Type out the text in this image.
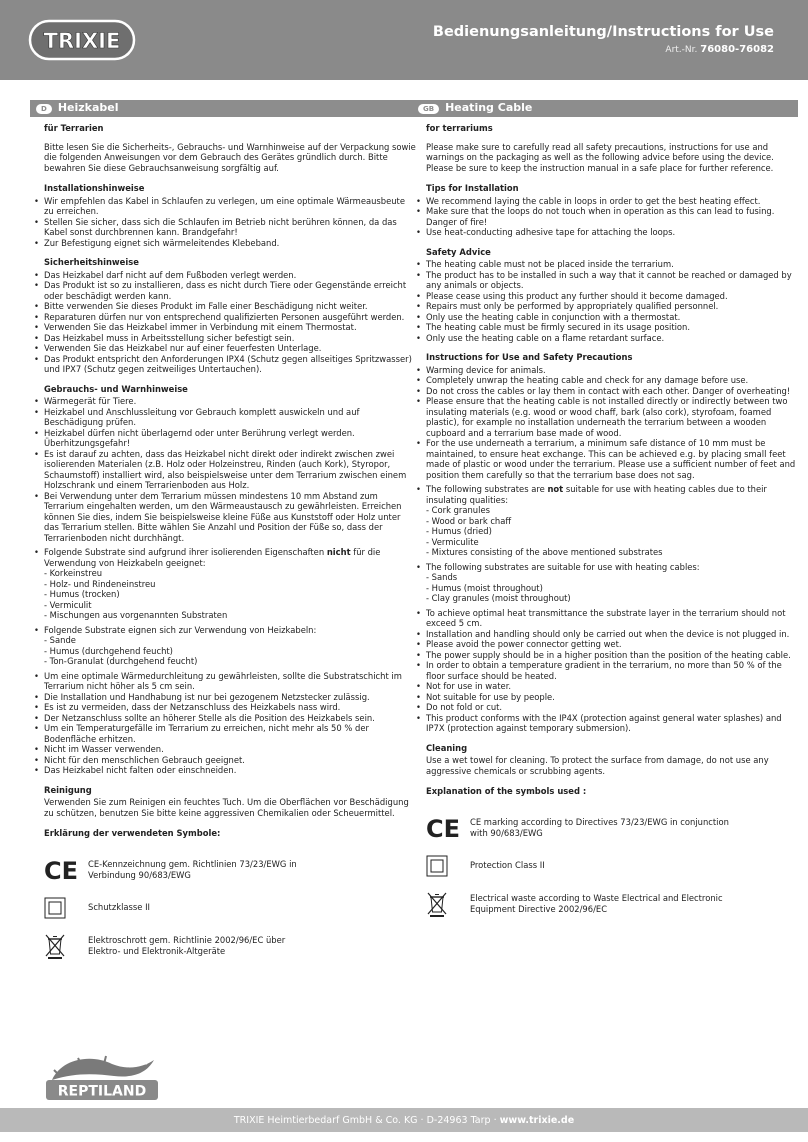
TRIXIE	Bedienungsanleitung/Instructions for Use
Art.-Nr. 76080-76082
D	Heizkabel
für Terrarien
Bitte lesen Sie die Sicherheits-, Gebrauchs- und Warnhinweise auf der Verpackung sowie die folgenden Anweisungen vor dem Gebrauch des Gerätes gründlich durch. Bitte bewahren Sie diese Gebrauchsanweisung sorgfältig auf.
Installationshinweise
• Wir empfehlen das Kabel in Schlaufen zu verlegen, um eine optimale Wärmeausbeute zu erreichen.
• Stellen Sie sicher, dass sich die Schlaufen im Betrieb nicht berühren können, da das Kabel sonst durchbrennen kann. Brandgefahr!
• Zur Befestigung eignet sich wärmeleitendes Klebeband.
Sicherheitshinweise
• Das Heizkabel darf nicht auf dem Fußboden verlegt werden.
• Das Produkt ist so zu installieren, dass es nicht durch Tiere oder Gegenstände erreicht oder beschädigt werden kann.
• Bitte verwenden Sie dieses Produkt im Falle einer Beschädigung nicht weiter.
• Reparaturen dürfen nur von entsprechend qualifizierten Personen ausgeführt werden.
• Verwenden Sie das Heizkabel immer in Verbindung mit einem Thermostat.
• Das Heizkabel muss in Arbeitsstellung sicher befestigt sein.
• Verwenden Sie das Heizkabel nur auf einer feuerfesten Unterlage.
• Das Produkt entspricht den Anforderungen IPX4 (Schutz gegen allseitiges Spritzwasser) und IPX7 (Schutz gegen zeitweiliges Untertauchen).
Gebrauchs- und Warnhinweise
• Wärmegerät für Tiere.
• Heizkabel und Anschlussleitung vor Gebrauch komplett auswickeln und auf Beschädigung prüfen.
• Heizkabel dürfen nicht überlagernd oder unter Berührung verlegt werden. Überhitzungsgefahr!
• Es ist darauf zu achten, dass das Heizkabel nicht direkt oder indirekt zwischen zwei isolierenden Materialen (z.B. Holz oder Holzeinstreu, Rinden (auch Kork), Styropor, Schaumstoff) installiert wird, also beispielsweise unter dem Terrarium zwischen einem Holzschrank und einem Terrarienboden aus Holz.
• Bei Verwendung unter dem Terrarium müssen mindestens 10 mm Abstand zum Terrarium eingehalten werden, um den Wärmeaustausch zu gewährleisten. Erreichen können Sie dies, indem Sie beispielsweise kleine Füße aus Kunststoff oder Holz unter das Terrarium stellen. Bitte wählen Sie Anzahl und Position der Füße so, dass der Terrarienboden nicht durchhängt.
• Folgende Substrate sind aufgrund ihrer isolierenden Eigenschaften nicht für die Verwendung von Heizkabeln geeignet:
- Korkeinstreu
- Holz- und Rindeneinstreu
- Humus (trocken)
- Vermiculit
- Mischungen aus vorgenannten Substraten
• Folgende Substrate eignen sich zur Verwendung von Heizkabeln:
- Sande
- Humus (durchgehend feucht)
- Ton-Granulat (durchgehend feucht)
• Um eine optimale Wärmedurchleitung zu gewährleisten, sollte die Substratschicht im Terrarium nicht höher als 5 cm sein.
• Die Installation und Handhabung ist nur bei gezogenem Netzstecker zulässig.
• Es ist zu vermeiden, dass der Netzanschluss des Heizkabels nass wird.
• Der Netzanschluss sollte an höherer Stelle als die Position des Heizkabels sein.
• Um ein Temperaturgefälle im Terrarium zu erreichen, nicht mehr als 50 % der Bodenfläche erhitzen.
• Nicht im Wasser verwenden.
• Nicht für den menschlichen Gebrauch geeignet.
• Das Heizkabel nicht falten oder einschneiden.
Reinigung
Verwenden Sie zum Reinigen ein feuchtes Tuch. Um die Oberflächen vor Beschädigung zu schützen, benutzen Sie bitte keine aggressiven Chemikalien oder Scheuermittel.
Erklärung der verwendeten Symbole:
CE CE-Kennzeichnung gem. Richtlinien 73/23/EWG in Verbindung 90/683/EWG
Schutzklasse II
Elektroschrott gem. Richtlinie 2002/96/EC über Elektro- und Elektronik-Altgeräte
GB	Heating Cable
for terrariums
Please make sure to carefully read all safety precautions, instructions for use and warnings on the packaging as well as the following advice before using the device. Please be sure to keep the instruction manual in a safe place for further reference.
Tips for Installation
• We recommend laying the cable in loops in order to get the best heating effect.
• Make sure that the loops do not touch when in operation as this can lead to fusing. Danger of fire!
• Use heat-conducting adhesive tape for attaching the loops.
Safety Advice
• The heating cable must not be placed inside the terrarium.
• The product has to be installed in such a way that it cannot be reached or damaged by any animals or objects.
• Please cease using this product any further should it become damaged.
• Repairs must only be performed by appropriately qualified personnel.
• Only use the heating cable in conjunction with a thermostat.
• The heating cable must be firmly secured in its usage position.
• Only use the heating cable on a flame retardant surface.
Instructions for Use and Safety Precautions
• Warming device for animals.
• Completely unwrap the heating cable and check for any damage before use.
• Do not cross the cables or lay them in contact with each other. Danger of overheating!
• Please ensure that the heating cable is not installed directly or indirectly between two insulating materials (e.g. wood or wood chaff, bark (also cork), styrofoam, foamed plastic), for example no installation underneath the terrarium between a wooden cupboard and a terrarium base made of wood.
• For the use underneath a terrarium, a minimum safe distance of 10 mm must be maintained, to ensure heat exchange. This can be achieved e.g. by placing small feet made of plastic or wood under the terrarium. Please use a sufficient number of feet and position them carefully so that the terrarium base does not sag.
• The following substrates are not suitable for use with heating cables due to their insulating qualities:
- Cork granules
- Wood or bark chaff
- Humus (dried)
- Vermiculite
- Mixtures consisting of the above mentioned substrates
• The following substrates are suitable for use with heating cables:
- Sands
- Humus (moist throughout)
- Clay granules (moist throughout)
• To achieve optimal heat transmittance the substrate layer in the terrarium should not exceed 5 cm.
• Installation and handling should only be carried out when the device is not plugged in.
• Please avoid the power connector getting wet.
• The power supply should be in a higher position than the position of the heating cable.
• In order to obtain a temperature gradient in the terrarium, no more than 50 % of the floor surface should be heated.
• Not for use in water.
• Not suitable for use by people.
• Do not fold or cut.
• This product conforms with the IP4X (protection against general water splashes) and IP7X (protection against temporary submersion).
Cleaning
Use a wet towel for cleaning. To protect the surface from damage, do not use any aggressive chemicals or scrubbing agents.
Explanation of the symbols used :
CE CE marking according to Directives 73/23/EWG in conjunction with 90/683/EWG
Protection Class II
Electrical waste according to Waste Electrical and Electronic Equipment Directive 2002/96/EC
REPTILAND
TRIXIE Heimtierbedarf GmbH & Co. KG · D-24963 Tarp ·
www.trixie.de
